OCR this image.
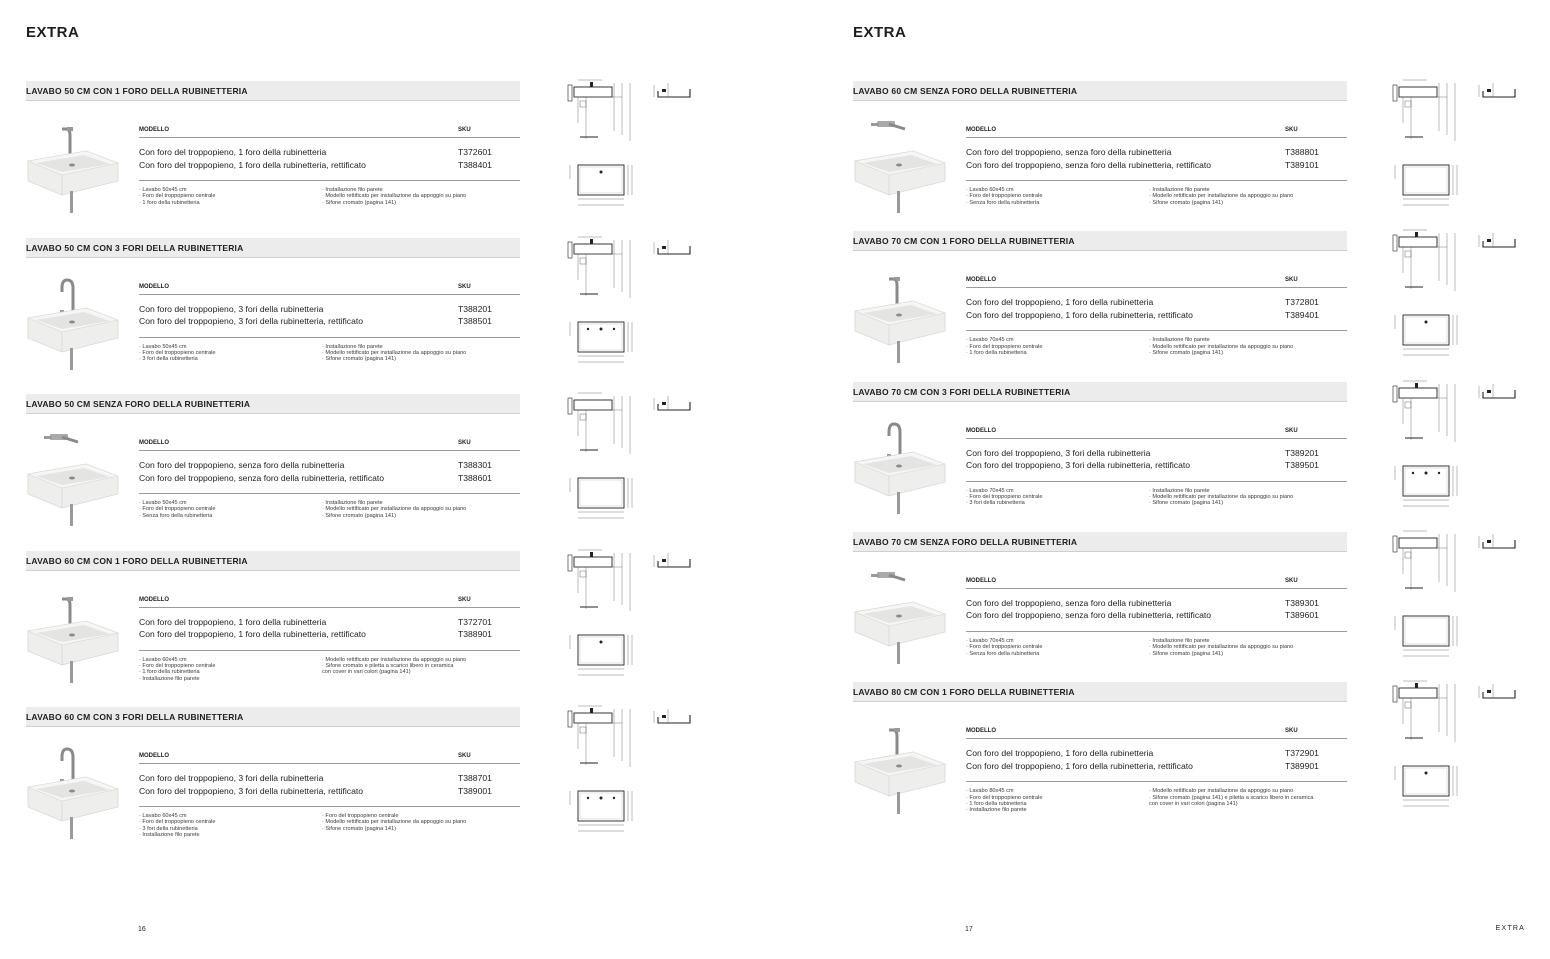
EXTRA
LAVABO 50 CM CON 1 FORO DELLA RUBINETTERIA
MODELLO	SKU
Con foro del troppopieno, 1 foro della rubinetteria	T372601
Con foro del troppopieno, 1 foro della rubinetteria, rettificato	T388401
· Lavabo 50x45 cm
· Foro del troppopieno centrale
· 1 foro della rubinetteria
· Installazione filo parete
· Modello rettificato per installazione da appoggio su piano
· Sifone cromato (pagina 141)
LAVABO 50 CM CON 3 FORI DELLA RUBINETTERIA
MODELLO	SKU
Con foro del troppopieno, 3 fori della rubinetteria	T388201
Con foro del troppopieno, 3 fori della rubinetteria, rettificato	T388501
· Lavabo 50x45 cm
· Foro del troppopieno centrale
· 3 fori della rubinetteria
· Installazione filo parete
· Modello rettificato per installazione da appoggio su piano
· Sifone cromato (pagina 141)
LAVABO 50 CM SENZA FORO DELLA RUBINETTERIA
MODELLO	SKU
Con foro del troppopieno, senza foro della rubinetteria	T388301
Con foro del troppopieno, senza foro della rubinetteria, rettificato	T388601
· Lavabo 50x45 cm
· Foro del troppopieno centrale
· Senza foro della rubinetteria
· Installazione filo parete
· Modello rettificato per installazione da appoggio su piano
· Sifone cromato (pagina 141)
LAVABO 60 CM CON 1 FORO DELLA RUBINETTERIA
MODELLO	SKU
Con foro del troppopieno, 1 foro della rubinetteria	T372701
Con foro del troppopieno, 1 foro della rubinetteria, rettificato	T388901
· Lavabo 60x45 cm
· Foro del troppopieno centrale
· 1 foro della rubinetteria
· Installazione filo parete
· Modello rettificato per installazione da appoggio su piano
· Sifone cromato e piletta a scarico libero in ceramica
con cover in vari colori (pagina 141)
LAVABO 60 CM CON 3 FORI DELLA RUBINETTERIA
MODELLO	SKU
Con foro del troppopieno, 3 fori della rubinetteria	T388701
Con foro del troppopieno, 3 fori della rubinetteria, rettificato	T389001
· Lavabo 60x45 cm
· Foro del troppopieno centrale
· 3 fori della rubinetteria
· Installazione filo parete
· Foro del troppopieno centrale
· Modello rettificato per installazione da appoggio su piano
· Sifone cromato (pagina 141)
16
EXTRA
LAVABO 60 CM SENZA FORO DELLA RUBINETTERIA
MODELLO	SKU
Con foro del troppopieno, senza foro della rubinetteria	T388801
Con foro del troppopieno, senza foro della rubinetteria, rettificato	T389101
· Lavabo 60x45 cm
· Foro del troppopieno centrale
· Senza foro della rubinetteria
· Installazione filo parete
· Modello rettificato per installazione da appoggio su piano
· Sifone cromato (pagina 141)
LAVABO 70 CM CON 1 FORO DELLA RUBINETTERIA
MODELLO	SKU
Con foro del troppopieno, 1 foro della rubinetteria	T372801
Con foro del troppopieno, 1 foro della rubinetteria, rettificato	T389401
· Lavabo 70x45 cm
· Foro del troppopieno centrale
· 1 foro della rubinetteria
· Installazione filo parete
· Modello rettificato per installazione da appoggio su piano
· Sifone cromato (pagina 141)
LAVABO 70 CM CON 3 FORI DELLA RUBINETTERIA
MODELLO	SKU
Con foro del troppopieno, 3 fori della rubinetteria	T389201
Con foro del troppopieno, 3 fori della rubinetteria, rettificato	T389501
· Lavabo 70x45 cm
· Foro del troppopieno centrale
· 3 fori della rubinetteria
· Installazione filo parete
· Modello rettificato per installazione da appoggio su piano
· Sifone cromato (pagina 141)
LAVABO 70 CM SENZA FORO DELLA RUBINETTERIA
MODELLO	SKU
Con foro del troppopieno, senza foro della rubinetteria	T389301
Con foro del troppopieno, senza foro della rubinetteria, rettificato	T389601
· Lavabo 70x45 cm
· Foro del troppopieno centrale
· Senza foro della rubinetteria
· Installazione filo parete
· Modello rettificato per installazione da appoggio su piano
· Sifone cromato (pagina 141)
LAVABO 80 CM CON 1 FORO DELLA RUBINETTERIA
MODELLO	SKU
Con foro del troppopieno, 1 foro della rubinetteria	T372901
Con foro del troppopieno, 1 foro della rubinetteria, rettificato	T389901
· Lavabo 80x45 cm
· Foro del troppopieno centrale
· 1 foro della rubinetteria
· Installazione filo parete
· Modello rettificato per installazione da appoggio su piano
· Sifone cromato (pagina 141) e piletta a scarico libero in ceramica
con cover in vari colori (pagina 141)
17	EXTRA
